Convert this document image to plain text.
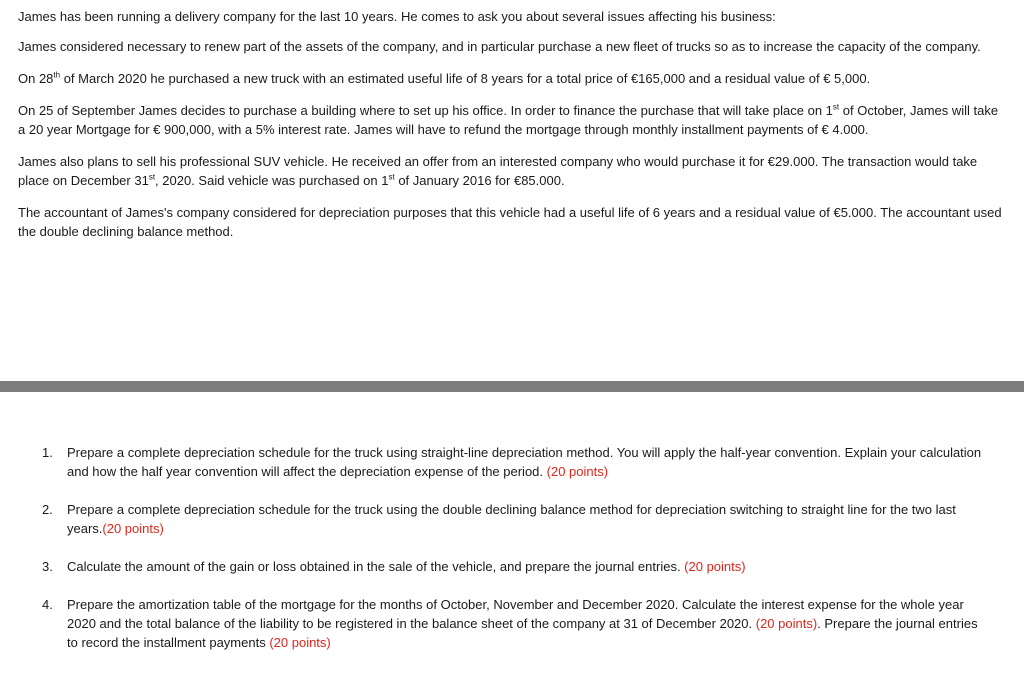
James has been running a delivery company for the last 10 years. He comes to ask you about several issues affecting his business:

James considered necessary to renew part of the assets of the company, and in particular purchase a new fleet of trucks so as to increase the capacity of the company.

On 28th of March 2020 he purchased a new truck with an estimated useful life of 8 years for a total price of €165,000 and a residual value of € 5,000.

On 25 of September James decides to purchase a building where to set up his office. In order to finance the purchase that will take place on 1st of October, James will take a 20 year Mortgage for € 900,000, with a 5% interest rate. James will have to refund the mortgage through monthly installment payments of € 4.000.

James also plans to sell his professional SUV vehicle. He received an offer from an interested company who would purchase it for €29.000. The transaction would take place on December 31st, 2020. Said vehicle was purchased on 1st of January 2016 for €85.000.

The accountant of James's company considered for depreciation purposes that this vehicle had a useful life of 6 years and a residual value of €5.000. The accountant used the double declining balance method.

1.	Prepare a complete depreciation schedule for the truck using straight-line depreciation method. You will apply the half-year convention. Explain your calculation and how the half year convention will affect the depreciation expense of the period. (20 points)
2.	Prepare a complete depreciation schedule for the truck using the double declining balance method for depreciation switching to straight line for the two last years.(20 points)
3.	Calculate the amount of the gain or loss obtained in the sale of the vehicle, and prepare the journal entries. (20 points)
4.	Prepare the amortization table of the mortgage for the months of October, November and December 2020. Calculate the interest expense for the whole year 2020 and the total balance of the liability to be registered in the balance sheet of the company at 31 of December 2020. (20 points). Prepare the journal entries to record the installment payments (20 points)
